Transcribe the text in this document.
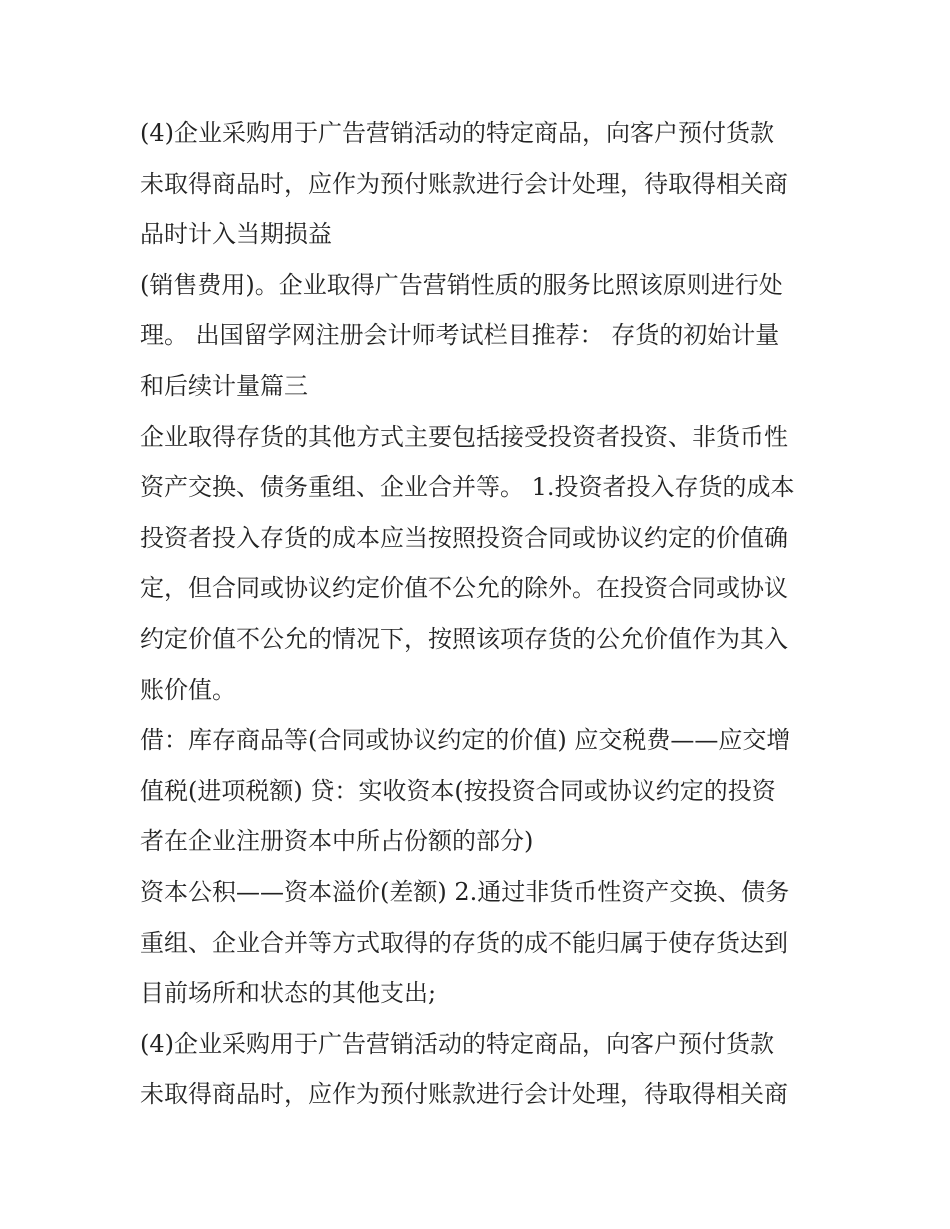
(4)企业采购用于广告营销活动的特定商品，向客户预付货款
未取得商品时，应作为预付账款进行会计处理，待取得相关商
品时计入当期损益
(销售费用)。企业取得广告营销性质的服务比照该原则进行处
理。 出国留学网注册会计师考试栏目推荐： 存货的初始计量
和后续计量篇三
企业取得存货的其他方式主要包括接受投资者投资、非货币性
资产交换、债务重组、企业合并等。 1.投资者投入存货的成本
投资者投入存货的成本应当按照投资合同或协议约定的价值确
定，但合同或协议约定价值不公允的除外。在投资合同或协议
约定价值不公允的情况下，按照该项存货的公允价值作为其入
账价值。
借：库存商品等(合同或协议约定的价值) 应交税费——应交增
值税(进项税额) 贷：实收资本(按投资合同或协议约定的投资
者在企业注册资本中所占份额的部分)
资本公积——资本溢价(差额) 2.通过非货币性资产交换、债务
重组、企业合并等方式取得的存货的成不能归属于使存货达到
目前场所和状态的其他支出;
(4)企业采购用于广告营销活动的特定商品，向客户预付货款
未取得商品时，应作为预付账款进行会计处理，待取得相关商
